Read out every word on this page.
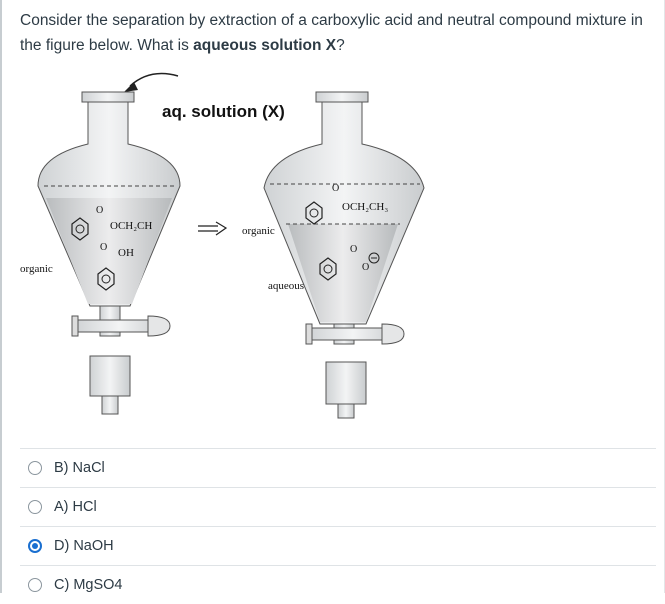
Consider the separation by extraction of a carboxylic acid and neutral compound mixture in the figure below. What is aqueous solution X?
aq. solution (X)
O
OCH₂CH
O OH
organic
organic
O
OCH₂CH₃
O
O
aqueous
B) NaCl
A) HCl
D) NaOH
C) MgSO4
